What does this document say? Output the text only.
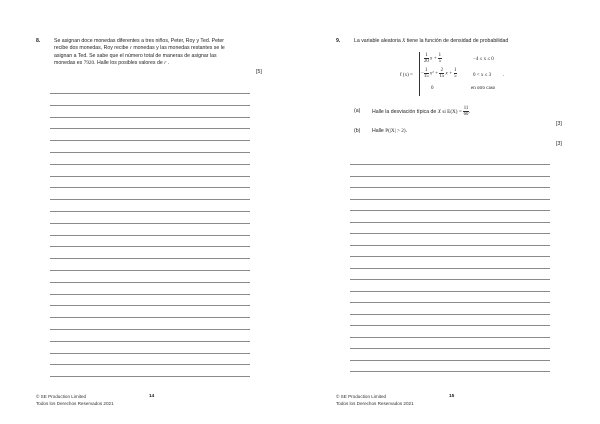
8.	Se asignan doce monedas diferentes a tres niños, Peter, Roy y Ted. Peter
recibe dos monedas, Roy recibe r monedas y las monedas restantes se le
asignan a Ted. Se sabe que el número total de maneras de asignar las
monedas es 7920. Halle los posibles valores de r .
[5]
© SE Production Limited
Todos los Derechos Reservados 2021
14
9.	La variable aleatoria X tiene la función de densidad de probabilidad
f (x) =
$\frac{1}{20}$ $x + \frac{1}{5}$	−4 ≤ x ≤ 0
− $\frac{1}{15} x^2 + \frac{2}{15}$ $x + \frac{1}{5}$	0 < x ≤ 3 .
0	en otro caso
(a) Halle la desviación típica de X si $E(X) = \frac{11}{60}$ .
[3]
(b) Halle P(|X| > 2).
[3]
© SE Production Limited
Todos los Derechos Reservados 2021
15
